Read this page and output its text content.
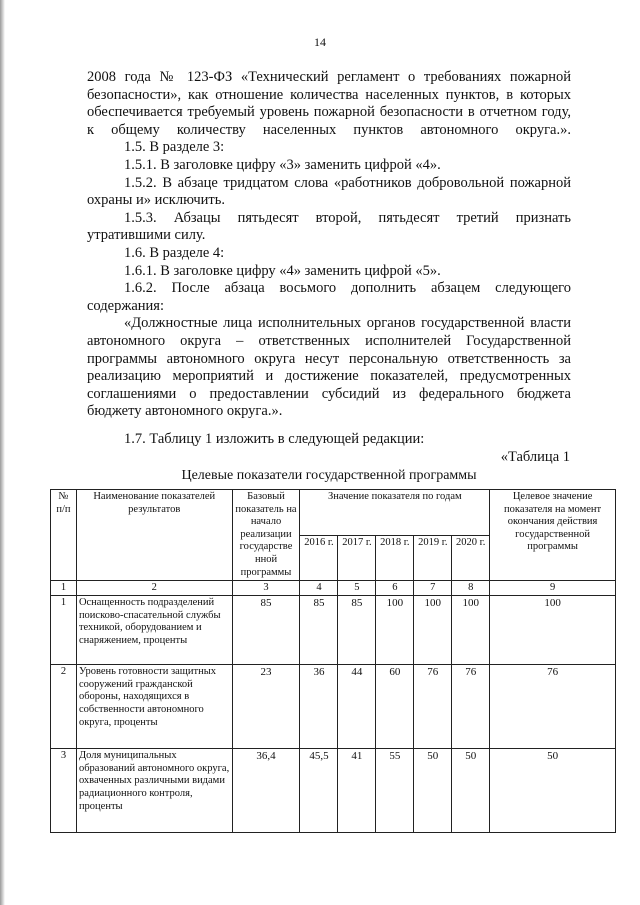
14

2008 года № 123-ФЗ «Технический регламент о требованиях пожарной безопасности», как отношение количества населенных пунктов, в которых обеспечивается требуемый уровень пожарной безопасности в отчетном году, к общему количеству населенных пунктов автономного округа.».

1.5. В разделе 3:

1.5.1. В заголовке цифру «3» заменить цифрой «4».

1.5.2. В абзаце тридцатом слова «работников добровольной пожарной охраны и» исключить.

1.5.3. Абзацы пятьдесят второй, пятьдесят третий признать утратившими силу.

1.6. В разделе 4:

1.6.1. В заголовке цифру «4» заменить цифрой «5».

1.6.2. После абзаца восьмого дополнить абзацем следующего содержания:

«Должностные лица исполнительных органов государственной власти автономного округа – ответственных исполнителей Государственной программы автономного округа несут персональную ответственность за реализацию мероприятий и достижение показателей, предусмотренных соглашениями о предоставлении субсидий из федерального бюджета бюджету автономного округа.».

1.7. Таблицу 1 изложить в следующей редакции:

«Таблица 1
Целевые показатели государственной программы
№ п/п	Наименование показателей результатов	Базовый показатель на начало реализации государстве нной программы	Значение показателя по годам					Целевое значение показателя на момент окончания действия государственной программы
			2016 г.	2017 г.	2018 г.	2019 г.	2020 г.	
1	2	3	4	5	6	7	8	9
1	Оснащенность подразделений поисково-спасательной службы техникой, оборудованием и снаряжением, проценты	85	85	85	100	100	100	100
2	Уровень готовности защитных сооружений гражданской обороны, находящихся в собственности автономного округа, проценты	23	36	44	60	76	76	76
3	Доля муниципальных образований автономного округа, охваченных различными видами радиационного контроля, проценты	36,4	45,5	41	55	50	50	50
